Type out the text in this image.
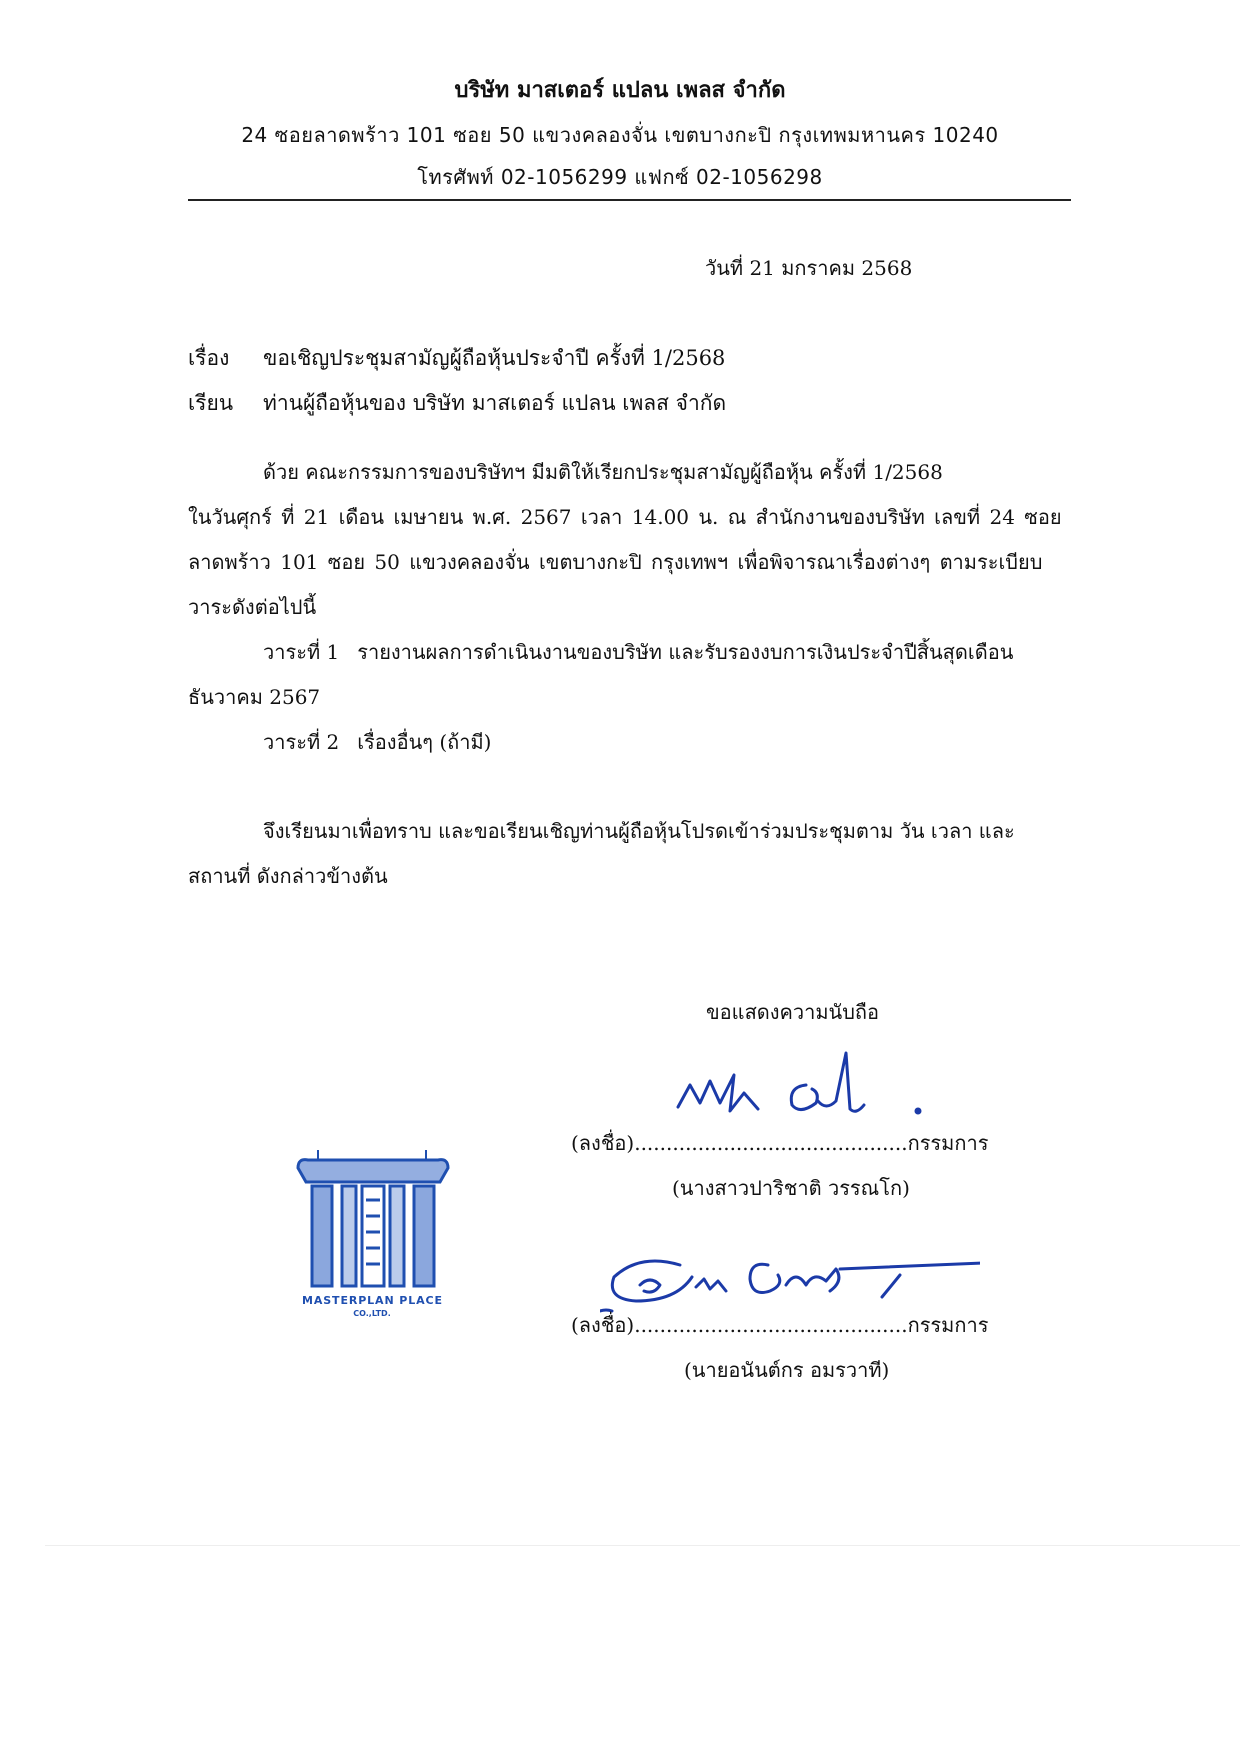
บริษัท มาสเตอร์ แปลน เพลส จำกัด
24 ซอยลาดพร้าว 101 ซอย 50 แขวงคลองจั่น เขตบางกะปิ กรุงเทพมหานคร 10240
โทรศัพท์ 02-1056299 แฟกซ์ 02-1056298
วันที่ 21 มกราคม 2568
เรื่อง ขอเชิญประชุมสามัญผู้ถือหุ้นประจำปี ครั้งที่ 1/2568
เรียน ท่านผู้ถือหุ้นของ บริษัท มาสเตอร์ แปลน เพลส จำกัด
ด้วย คณะกรรมการของบริษัทฯ มีมติให้เรียกประชุมสามัญผู้ถือหุ้น ครั้งที่ 1/2568
ในวันศุกร์ ที่ 21 เดือน เมษายน พ.ศ. 2567 เวลา 14.00 น. ณ สำนักงานของบริษัท เลขที่ 24 ซอย
ลาดพร้าว 101 ซอย 50 แขวงคลองจั่น เขตบางกะปิ กรุงเทพฯ เพื่อพิจารณาเรื่องต่างๆ ตามระเบียบ
วาระดังต่อไปนี้
วาระที่ 1 รายงานผลการดำเนินงานของบริษัท และรับรองงบการเงินประจำปีสิ้นสุดเดือน
ธันวาคม 2567
วาระที่ 2 เรื่องอื่นๆ (ถ้ามี)
จึงเรียนมาเพื่อทราบ และขอเรียนเชิญท่านผู้ถือหุ้นโปรดเข้าร่วมประชุมตาม วัน เวลา และ
สถานที่ ดังกล่าวข้างต้น
ขอแสดงความนับถือ
MASTERPLAN PLACE
CO.,LTD.
(ลงชื่อ)...........................................กรรมการ
(นางสาวปาริชาติ วรรณโก)
(ลงชื่อ)...........................................กรรมการ
(นายอนันต์กร อมรวาที)
